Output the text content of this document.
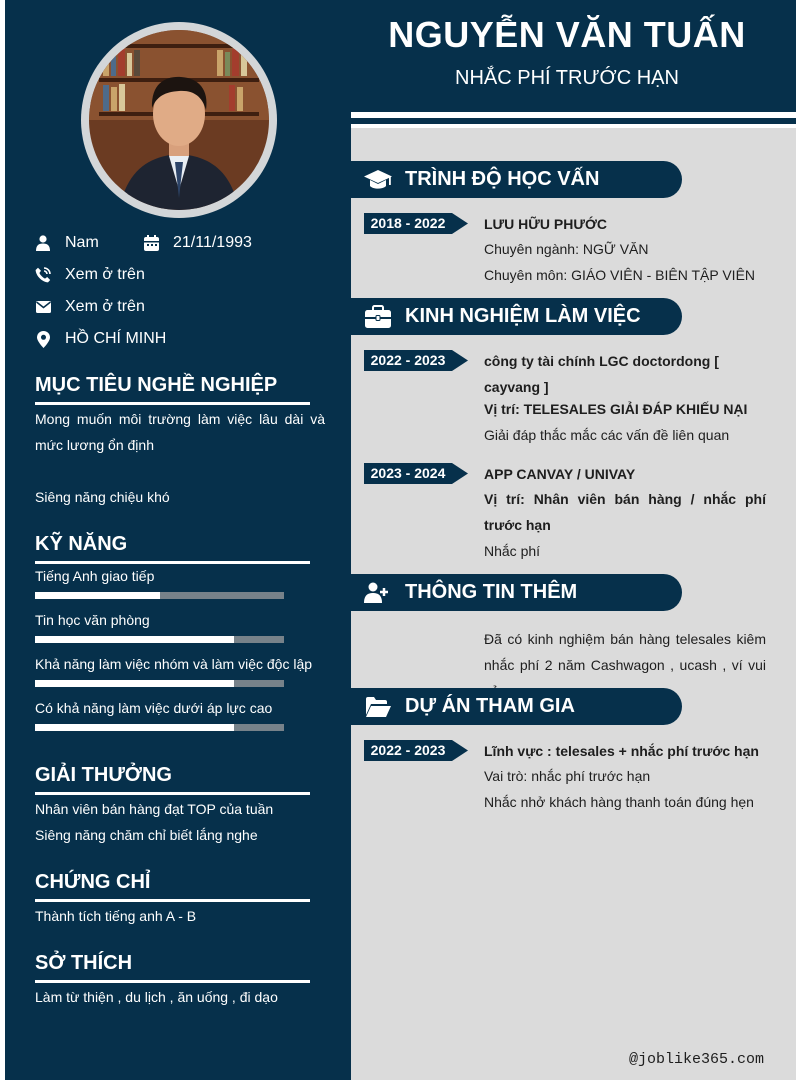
NGUYỄN VĂN TUẤN
NHẮC PHÍ TRƯỚC HẠN
Nam	21/11/1993
Xem ở trên
Xem ở trên
HỒ CHÍ MINH
MỤC TIÊU NGHỀ NGHIỆP
Mong muốn môi trường làm việc lâu dài và mức lương ổn định
Siêng năng chiệu khó
KỸ NĂNG
Tiếng Anh giao tiếp
Tin học văn phòng
Khả năng làm việc nhóm và làm việc độc lập
Có khả năng làm việc dưới áp lực cao
GIẢI THƯỞNG
Nhân viên bán hàng đạt TOP của tuần
Siêng năng chăm chỉ biết lắng nghe
CHỨNG CHỈ
Thành tích tiếng anh A - B
SỞ THÍCH
Làm từ thiện , du lịch , ăn uống , đi dạo
TRÌNH ĐỘ HỌC VẤN
2018 - 2022	LƯU HỮU PHƯỚC
Chuyên ngành: NGỮ VĂN
Chuyên môn: GIÁO VIÊN - BIÊN TẬP VIÊN
KINH NGHIỆM LÀM VIỆC
2022 - 2023	công ty tài chính LGC doctordong [ cayvang ]
Vị trí: TELESALES GIẢI ĐÁP KHIẾU NẠI
Giải đáp thắc mắc các vấn đề liên quan
2023 - 2024	APP CANVAY / UNIVAY
Vị trí: Nhân viên bán hàng / nhắc phí trước hạn
Nhắc phí
THÔNG TIN THÊM
Đã có kinh nghiệm bán hàng telesales kiêm nhắc phí 2 năm Cashwagon , ucash , ví vui
DỰ ÁN THAM GIA
2022 - 2023	Lĩnh vực : telesales + nhắc phí trước hạn
Vai trò: nhắc phí trước hạn
Nhắc nhở khách hàng thanh toán đúng hẹn
@joblike365.com
